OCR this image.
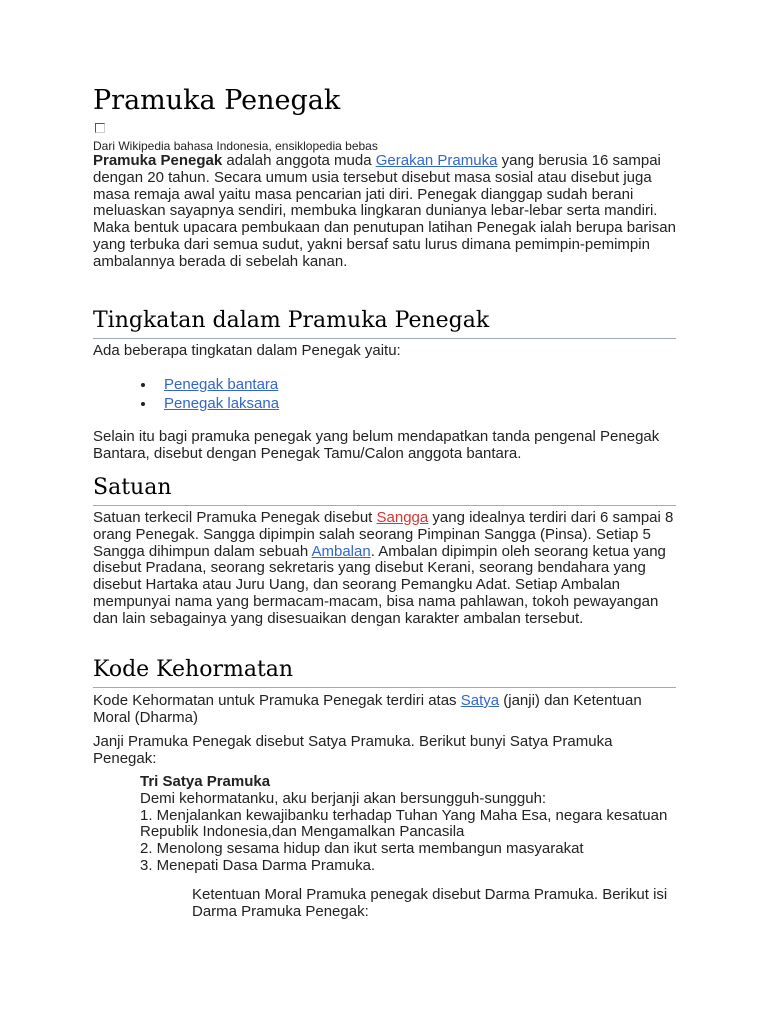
Pramuka Penegak
Dari Wikipedia bahasa Indonesia, ensiklopedia bebas

Pramuka Penegak adalah anggota muda Gerakan Pramuka yang berusia 16 sampai dengan 20 tahun. Secara umum usia tersebut disebut masa sosial atau disebut juga masa remaja awal yaitu masa pencarian jati diri. Penegak dianggap sudah berani meluaskan sayapnya sendiri, membuka lingkaran dunianya lebar-lebar serta mandiri. Maka bentuk upacara pembukaan dan penutupan latihan Penegak ialah berupa barisan yang terbuka dari semua sudut, yakni bersaf satu lurus dimana pemimpin-pemimpin ambalannya berada di sebelah kanan.

Tingkatan dalam Pramuka Penegak

Ada beberapa tingkatan dalam Penegak yaitu:

Penegak bantara
Penegak laksana

Selain itu bagi pramuka penegak yang belum mendapatkan tanda pengenal Penegak Bantara, disebut dengan Penegak Tamu/Calon anggota bantara.

Satuan

Satuan terkecil Pramuka Penegak disebut Sangga yang idealnya terdiri dari 6 sampai 8 orang Penegak. Sangga dipimpin salah seorang Pimpinan Sangga (Pinsa). Setiap 5 Sangga dihimpun dalam sebuah Ambalan. Ambalan dipimpin oleh seorang ketua yang disebut Pradana, seorang sekretaris yang disebut Kerani, seorang bendahara yang disebut Hartaka atau Juru Uang, dan seorang Pemangku Adat. Setiap Ambalan mempunyai nama yang bermacam-macam, bisa nama pahlawan, tokoh pewayangan dan lain sebagainya yang disesuaikan dengan karakter ambalan tersebut.

Kode Kehormatan

Kode Kehormatan untuk Pramuka Penegak terdiri atas Satya (janji) dan Ketentuan Moral (Dharma)

Janji Pramuka Penegak disebut Satya Pramuka. Berikut bunyi Satya Pramuka Penegak:

Tri Satya Pramuka

Demi kehormatanku, aku berjanji akan bersungguh-sungguh:

1. Menjalankan kewajibanku terhadap Tuhan Yang Maha Esa, negara kesatuan Republik Indonesia,dan Mengamalkan Pancasila

2. Menolong sesama hidup dan ikut serta membangun masyarakat

3. Menepati Dasa Darma Pramuka.

Ketentuan Moral Pramuka penegak disebut Darma Pramuka. Berikut isi Darma Pramuka Penegak:
